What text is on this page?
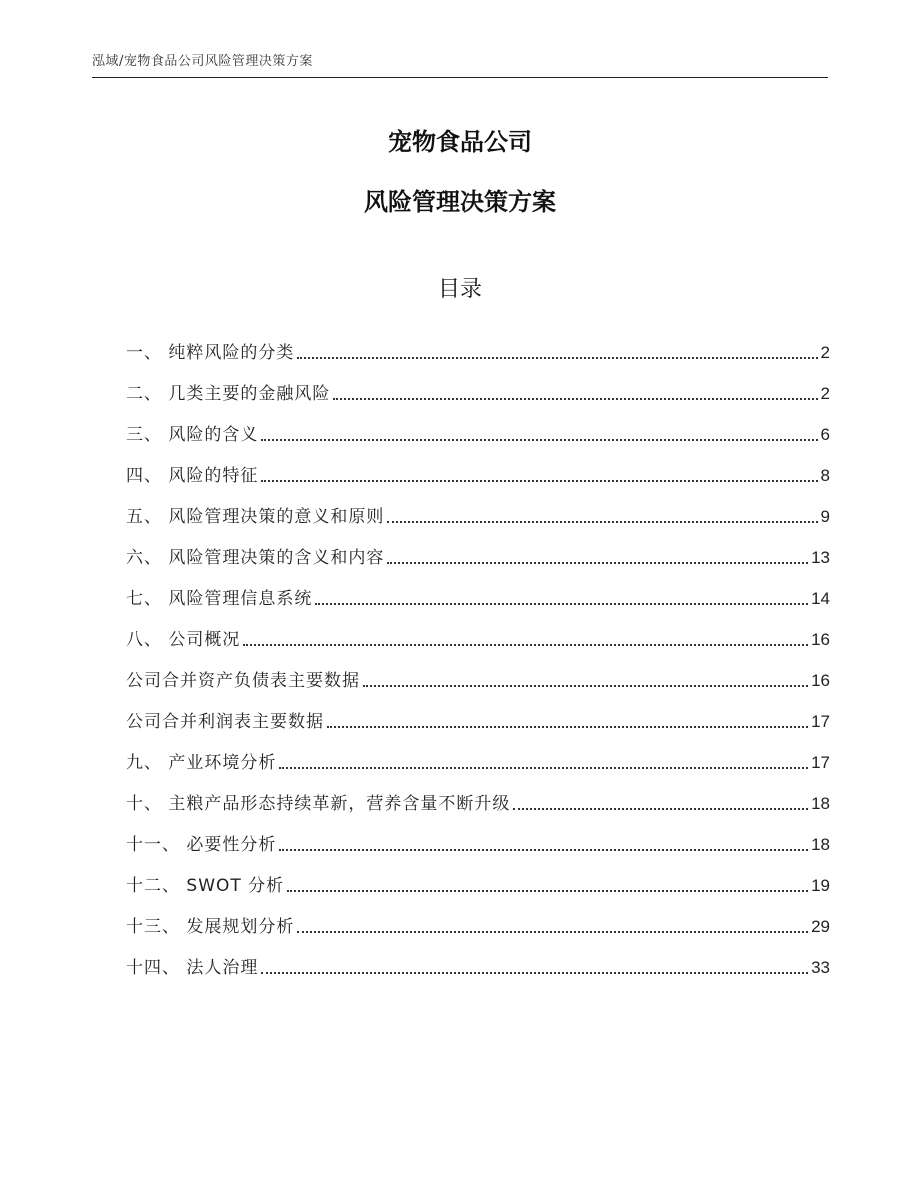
泓域/宠物食品公司风险管理决策方案
宠物食品公司
风险管理决策方案
目录
一、 纯粹风险的分类	2
二、 几类主要的金融风险	2
三、 风险的含义	6
四、 风险的特征	8
五、 风险管理决策的意义和原则	9
六、 风险管理决策的含义和内容	13
七、 风险管理信息系统	14
八、 公司概况	16
公司合并资产负债表主要数据	16
公司合并利润表主要数据	17
九、 产业环境分析	17
十、 主粮产品形态持续革新，营养含量不断升级	18
十一、 必要性分析	18
十二、 SWOT 分析	19
十三、 发展规划分析	29
十四、 法人治理	33
